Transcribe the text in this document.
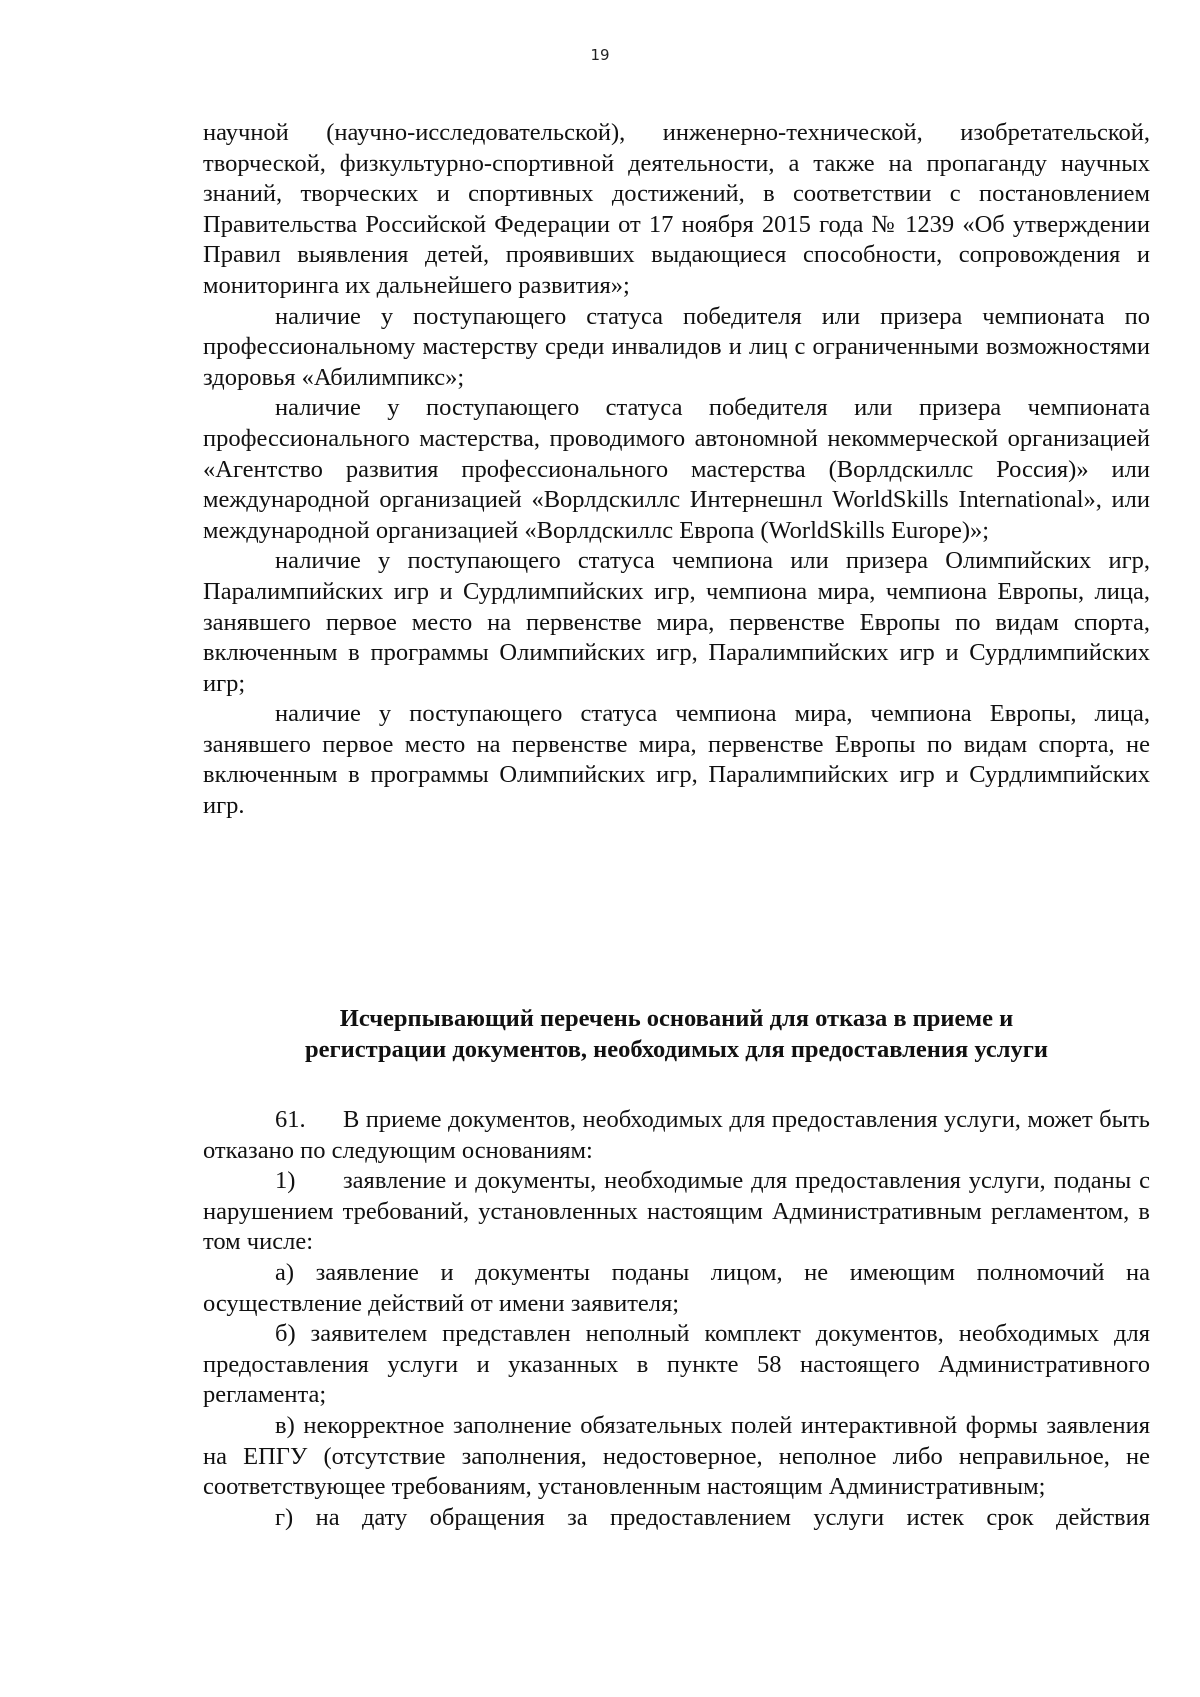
19

научной (научно-исследовательской), инженерно-технической, изобретательской, творческой, физкультурно-спортивной деятельности, а также на пропаганду научных знаний, творческих и спортивных достижений, в соответствии с постановлением Правительства Российской Федерации от 17 ноября 2015 года № 1239 «Об утверждении Правил выявления детей, проявивших выдающиеся способности, сопровождения и мониторинга их дальнейшего развития»;

наличие у поступающего статуса победителя или призера чемпионата по профессиональному мастерству среди инвалидов и лиц с ограниченными возможностями здоровья «Абилимпикс»;

наличие у поступающего статуса победителя или призера чемпионата профессионального мастерства, проводимого автономной некоммерческой организацией «Агентство развития профессионального мастерства (Ворлдскиллс Россия)» или международной организацией «Ворлдскиллс Интернешнл WorldSkills International», или международной организацией «Ворлдскиллс Европа (WorldSkills Europe)»;

наличие у поступающего статуса чемпиона или призера Олимпийских игр, Паралимпийских игр и Сурдлимпийских игр, чемпиона мира, чемпиона Европы, лица, занявшего первое место на первенстве мира, первенстве Европы по видам спорта, включенным в программы Олимпийских игр, Паралимпийских игр и Сурдлимпийских игр;

наличие у поступающего статуса чемпиона мира, чемпиона Европы, лица, занявшего первое место на первенстве мира, первенстве Европы по видам спорта, не включенным в программы Олимпийских игр, Паралимпийских игр и Сурдлимпийских игр.

Исчерпывающий перечень оснований для отказа в приеме и
регистрации документов, необходимых для предоставления услуги

61. В приеме документов, необходимых для предоставления услуги, может быть отказано по следующим основаниям:

1) заявление и документы, необходимые для предоставления услуги, поданы с нарушением требований, установленных настоящим Административным регламентом, в том числе:

а) заявление и документы поданы лицом, не имеющим полномочий на осуществление действий от имени заявителя;

б) заявителем представлен неполный комплект документов, необходимых для предоставления услуги и указанных в пункте 58 настоящего Административного регламента;

в) некорректное заполнение обязательных полей интерактивной формы заявления на ЕПГУ (отсутствие заполнения, недостоверное, неполное либо неправильное, не соответствующее требованиям, установленным настоящим Административным;

г) на дату обращения за предоставлением услуги истек срок действия
